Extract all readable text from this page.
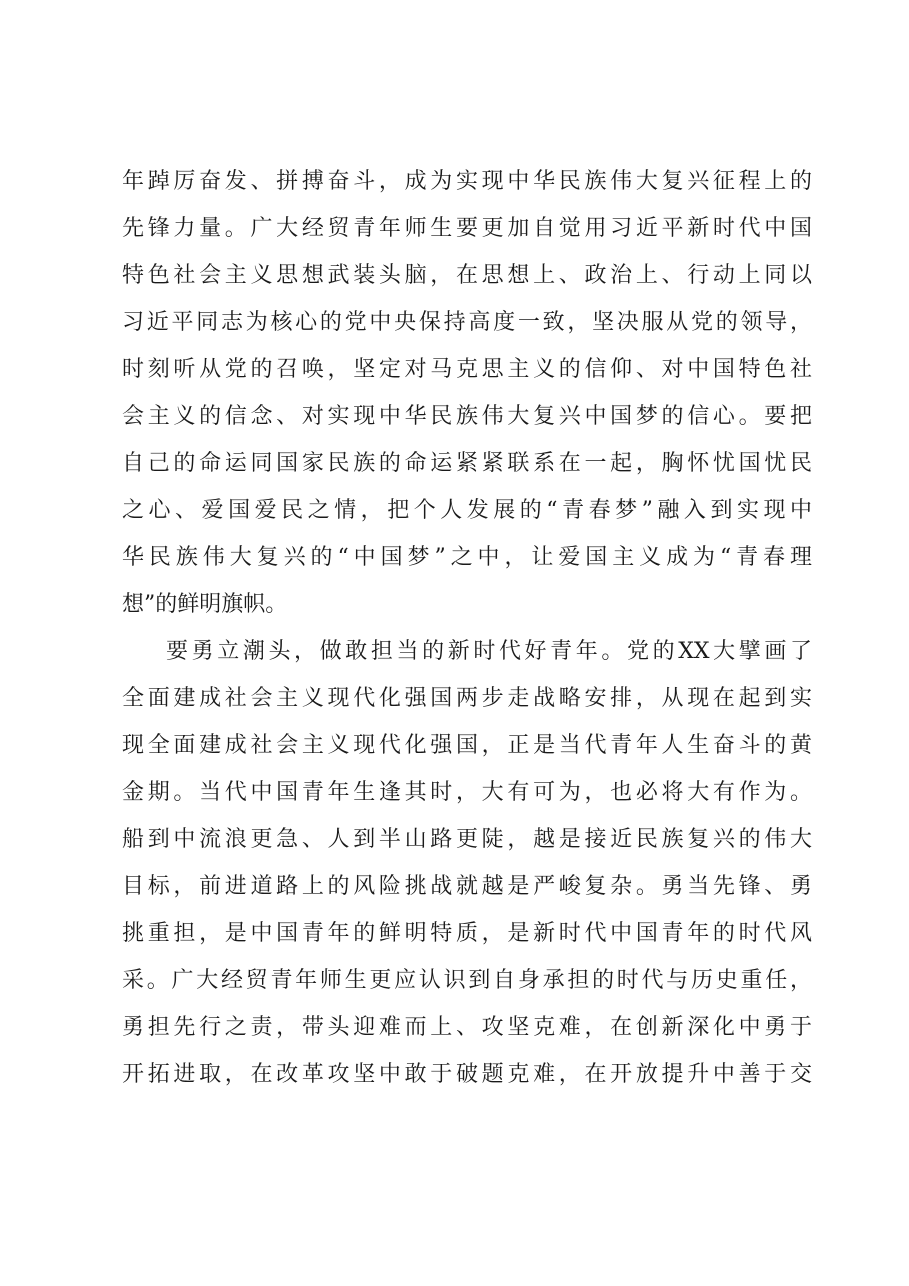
年踔厉奋发、拼搏奋斗，成为实现中华民族伟大复兴征程上的
先锋力量。广大经贸青年师生要更加自觉用习近平新时代中国
特色社会主义思想武装头脑，在思想上、政治上、行动上同以
习近平同志为核心的党中央保持高度一致，坚决服从党的领导，
时刻听从党的召唤，坚定对马克思主义的信仰、对中国特色社
会主义的信念、对实现中华民族伟大复兴中国梦的信心。要把
自己的命运同国家民族的命运紧紧联系在一起，胸怀忧国忧民
之心、爱国爱民之情，把个人发展的“青春梦”融入到实现中
华民族伟大复兴的“中国梦”之中，让爱国主义成为“青春理
想”的鲜明旗帜。
要勇立潮头，做敢担当的新时代好青年。党的XX大擘画了
全面建成社会主义现代化强国两步走战略安排，从现在起到实
现全面建成社会主义现代化强国，正是当代青年人生奋斗的黄
金期。当代中国青年生逢其时，大有可为，也必将大有作为。
船到中流浪更急、人到半山路更陡，越是接近民族复兴的伟大
目标，前进道路上的风险挑战就越是严峻复杂。勇当先锋、勇
挑重担，是中国青年的鲜明特质，是新时代中国青年的时代风
采。广大经贸青年师生更应认识到自身承担的时代与历史重任，
勇担先行之责，带头迎难而上、攻坚克难，在创新深化中勇于
开拓进取，在改革攻坚中敢于破题克难，在开放提升中善于交
